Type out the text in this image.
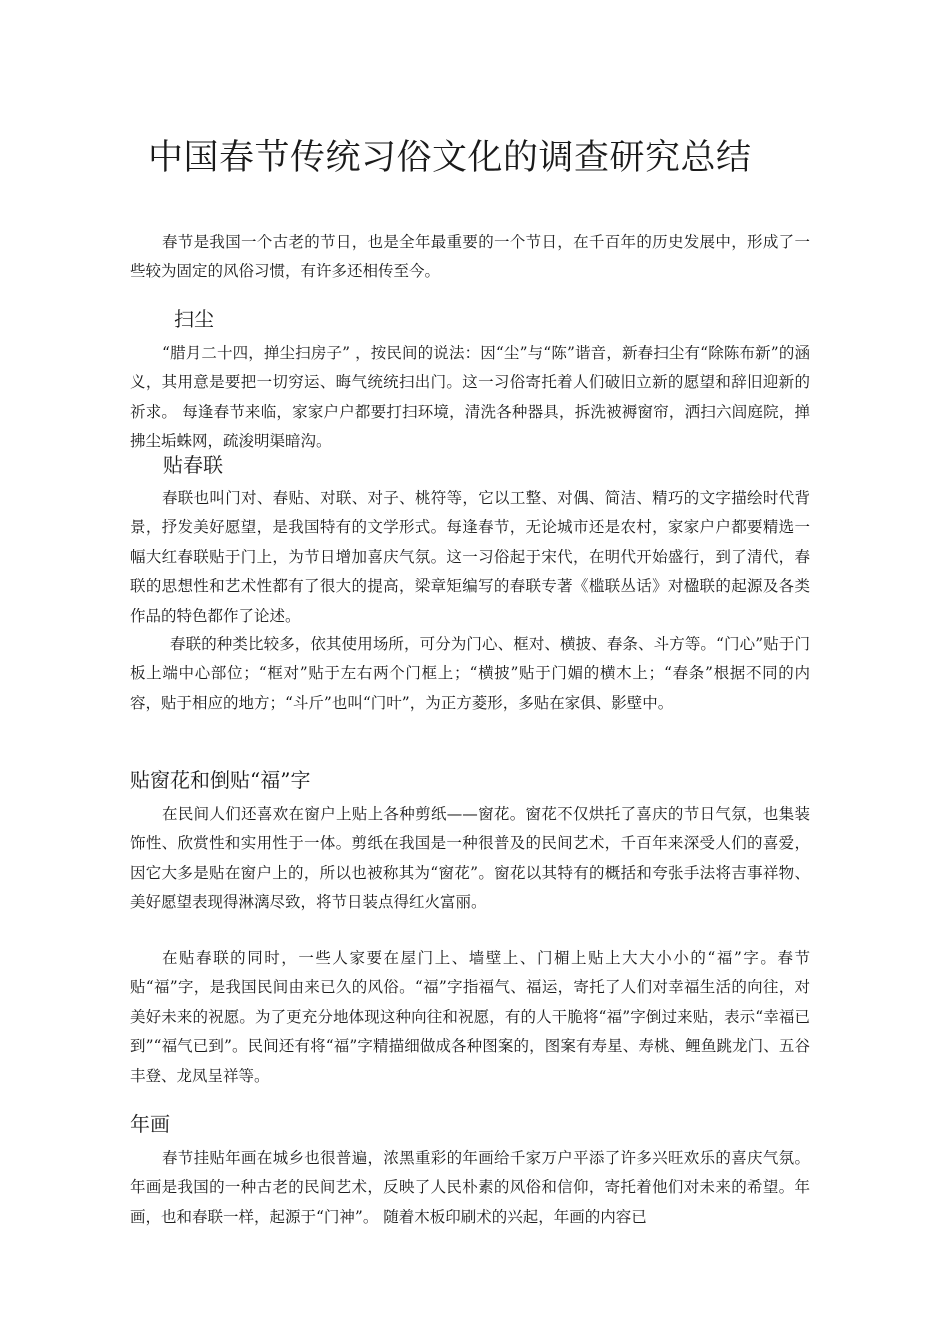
中国春节传统习俗文化的调查研究总结

春节是我国一个古老的节日，也是全年最重要的一个节日，在千百年的历史发展中，形成了一些较为固定的风俗习惯，有许多还相传至今。

扫尘

“腊月二十四，掸尘扫房子” ，按民间的说法：因“尘”与“陈”谐音，新春扫尘有“除陈布新”的涵义，其用意是要把一切穷运、晦气统统扫出门。这一习俗寄托着人们破旧立新的愿望和辞旧迎新的祈求。 每逢春节来临，家家户户都要打扫环境，清洗各种器具，拆洗被褥窗帘，洒扫六闾庭院，掸拂尘垢蛛网，疏浚明渠暗沟。

贴春联

春联也叫门对、春贴、对联、对子、桃符等，它以工整、对偶、简洁、精巧的文字描绘时代背景，抒发美好愿望，是我国特有的文学形式。每逢春节，无论城市还是农村，家家户户都要精选一幅大红春联贴于门上，为节日增加喜庆气氛。这一习俗起于宋代，在明代开始盛行，到了清代，春联的思想性和艺术性都有了很大的提高，梁章矩编写的春联专著《槛联丛话》对楹联的起源及各类作品的特色都作了论述。

春联的种类比较多，依其使用场所，可分为门心、框对、横披、春条、斗方等。“门心”贴于门板上端中心部位；“框对”贴于左右两个门框上；“横披”贴于门媚的横木上；“春条”根据不同的内容，贴于相应的地方；“斗斤”也叫“门叶”，为正方菱形，多贴在家俱、影壁中。

贴窗花和倒贴“福”字

在民间人们还喜欢在窗户上贴上各种剪纸——窗花。窗花不仅烘托了喜庆的节日气氛，也集装饰性、欣赏性和实用性于一体。剪纸在我国是一种很普及的民间艺术，千百年来深受人们的喜爱，因它大多是贴在窗户上的，所以也被称其为“窗花”。窗花以其特有的概括和夸张手法将吉事祥物、美好愿望表现得淋漓尽致，将节日装点得红火富丽。

在贴春联的同时，一些人家要在屋门上、墙壁上、门楣上贴上大大小小的“福”字。春节贴“福”字，是我国民间由来已久的风俗。“福”字指福气、福运，寄托了人们对幸福生活的向往，对美好未来的祝愿。为了更充分地体现这种向往和祝愿，有的人干脆将“福”字倒过来贴，表示“幸福已到”“福气已到”。民间还有将“福”字精描细做成各种图案的，图案有寿星、寿桃、鲤鱼跳龙门、五谷丰登、龙凤呈祥等。

年画

春节挂贴年画在城乡也很普遍，浓黑重彩的年画给千家万户平添了许多兴旺欢乐的喜庆气氛。年画是我国的一种古老的民间艺术，反映了人民朴素的风俗和信仰，寄托着他们对未来的希望。年画，也和春联一样，起源于“门神”。 随着木板印刷术的兴起，年画的内容已
